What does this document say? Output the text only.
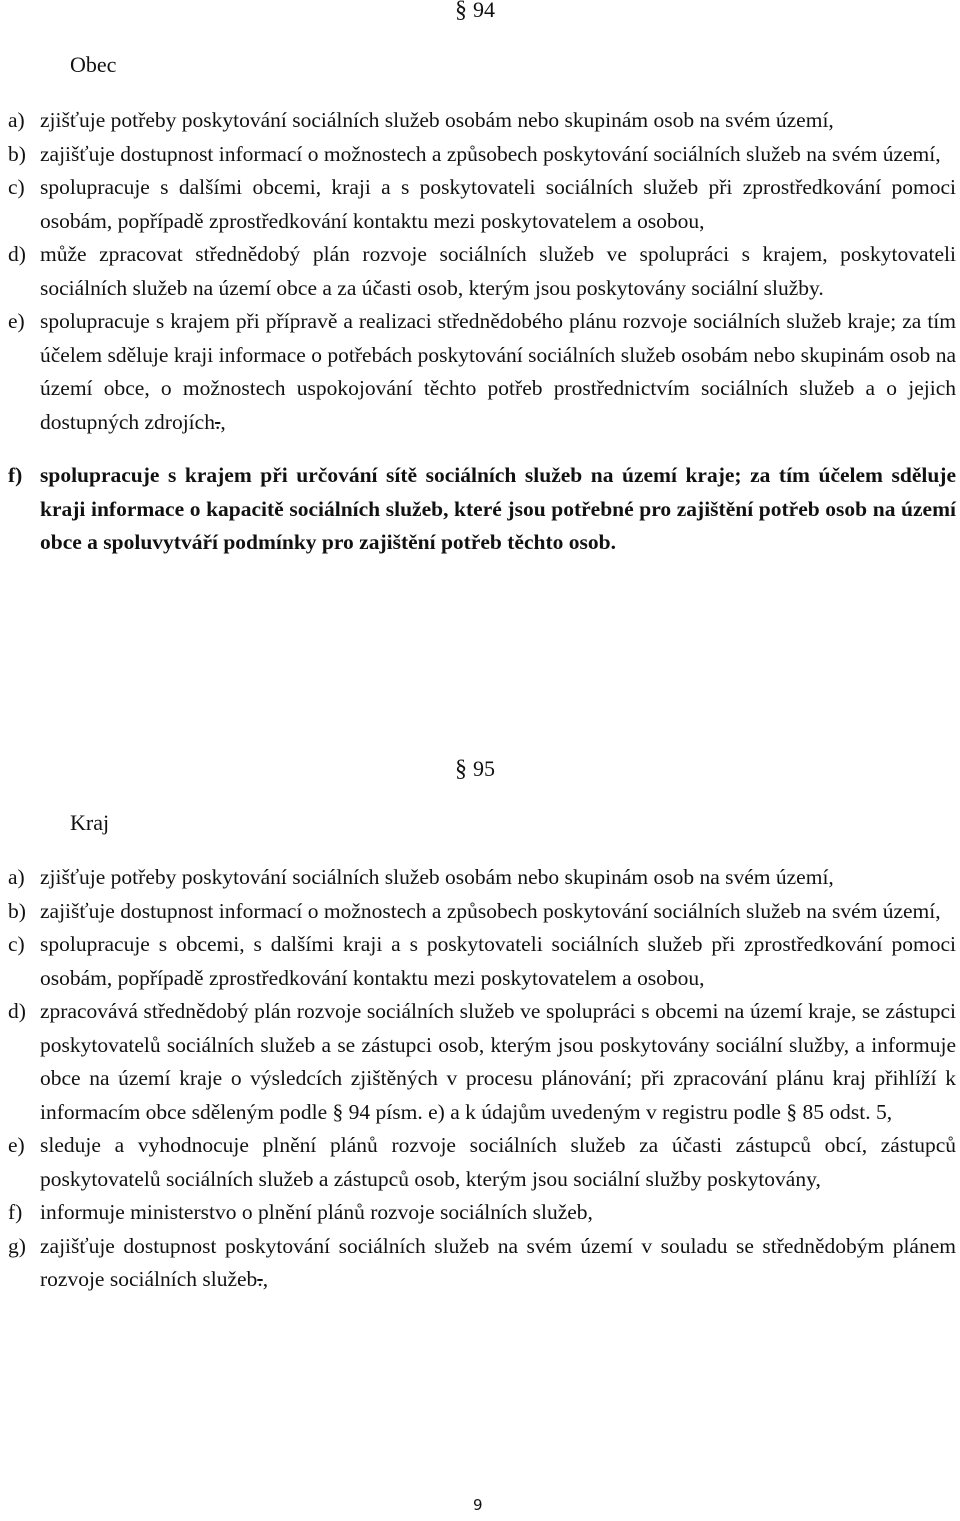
§ 94
Obec
a) zjišťuje potřeby poskytování sociálních služeb osobám nebo skupinám osob na svém území,
b) zajišťuje dostupnost informací o možnostech a způsobech poskytování sociálních služeb na svém území,
c) spolupracuje s dalšími obcemi, kraji a s poskytovateli sociálních služeb při zprostředkování pomoci osobám, popřípadě zprostředkování kontaktu mezi poskytovatelem a osobou,
d) může zpracovat střednědobý plán rozvoje sociálních služeb ve spolupráci s krajem, poskytovateli sociálních služeb na území obce a za účasti osob, kterým jsou poskytovány sociální služby.
e) spolupracuje s krajem při přípravě a realizaci střednědobého plánu rozvoje sociálních služeb kraje; za tím účelem sděluje kraji informace o potřebách poskytování sociálních služeb osobám nebo skupinám osob na území obce, o možnostech uspokojování těchto potřeb prostřednictvím sociálních služeb a o jejich dostupných zdrojích.,
f) spolupracuje s krajem při určování sítě sociálních služeb na území kraje; za tím účelem sděluje kraji informace o kapacitě sociálních služeb, které jsou potřebné pro zajištění potřeb osob na území obce a spoluvytváří podmínky pro zajištění potřeb těchto osob.
§ 95
Kraj
a) zjišťuje potřeby poskytování sociálních služeb osobám nebo skupinám osob na svém území,
b) zajišťuje dostupnost informací o možnostech a způsobech poskytování sociálních služeb na svém území,
c) spolupracuje s obcemi, s dalšími kraji a s poskytovateli sociálních služeb při zprostředkování pomoci osobám, popřípadě zprostředkování kontaktu mezi poskytovatelem a osobou,
d) zpracovává střednědobý plán rozvoje sociálních služeb ve spolupráci s obcemi na území kraje, se zástupci poskytovatelů sociálních služeb a se zástupci osob, kterým jsou poskytovány sociální služby, a informuje obce na území kraje o výsledcích zjištěných v procesu plánování; při zpracování plánu kraj přihlíží k informacím obce sděleným podle § 94 písm. e) a k údajům uvedeným v registru podle § 85 odst. 5,
e) sleduje a vyhodnocuje plnění plánů rozvoje sociálních služeb za účasti zástupců obcí, zástupců poskytovatelů sociálních služeb a zástupců osob, kterým jsou sociální služby poskytovány,
f) informuje ministerstvo o plnění plánů rozvoje sociálních služeb,
g) zajišťuje dostupnost poskytování sociálních služeb na svém území v souladu se střednědobým plánem rozvoje sociálních služeb.,
9
